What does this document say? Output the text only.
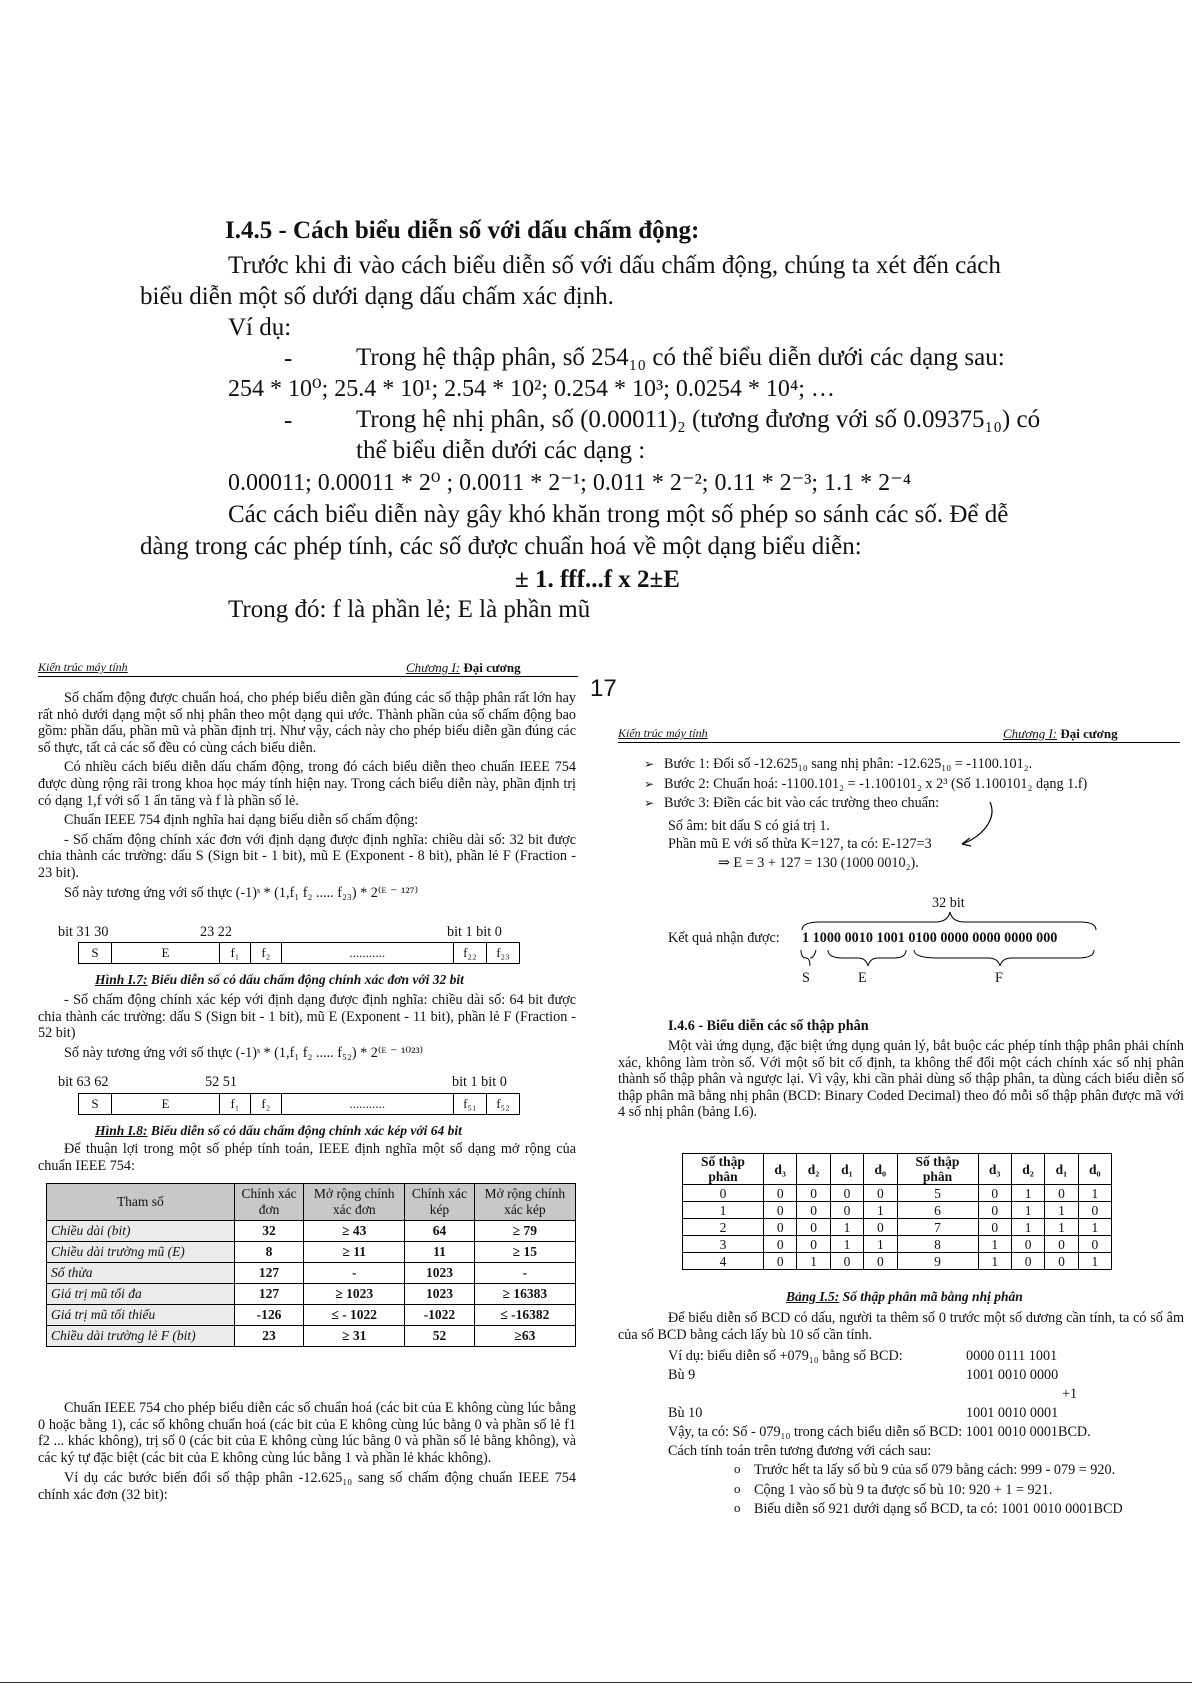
I.4.5 - Cách biểu diễn số với dấu chấm động:
Trước khi đi vào cách biểu diễn số với dấu chấm động, chúng ta xét đến cách
biểu diễn một số dưới dạng dấu chấm xác định.
Ví dụ:
-	Trong hệ thập phân, số 254₁₀ có thể biểu diễn dưới các dạng sau:
254 * 10⁰; 25.4 * 10¹; 2.54 * 10²; 0.254 * 10³; 0.0254 * 10⁴; …
-	Trong hệ nhị phân, số (0.00011)₂ (tương đương với số 0.09375₁₀) có
thể biểu diễn dưới các dạng :
0.00011; 0.00011 * 2⁰ ; 0.0011 * 2⁻¹; 0.011 * 2⁻²; 0.11 * 2⁻³; 1.1 * 2⁻⁴
Các cách biểu diễn này gây khó khăn trong một số phép so sánh các số. Để dễ
dàng trong các phép tính, các số được chuẩn hoá về một dạng biểu diễn:
± 1. fff...f x 2±E
Trong đó: f là phần lẻ; E là phần mũ
Kiến trúc máy tính	Chương I: Đại cương
17

Số chấm động được chuẩn hoá, cho phép biểu diễn gần đúng các số thập phân rất lớn hay rất nhỏ dưới dạng một số nhị phân theo một dạng qui ước. Thành phần của số chấm động bao gồm: phần dấu, phần mũ và phần định trị. Như vậy, cách này cho phép biểu diễn gần đúng các số thực, tất cả các số đều có cùng cách biểu diễn.

Có nhiều cách biểu diễn dấu chấm động, trong đó cách biểu diễn theo chuẩn IEEE 754 được dùng rộng rãi trong khoa học máy tính hiện nay. Trong cách biểu diễn này, phần định trị có dạng 1,f với số 1 ẩn tăng và f là phần số lẻ.

Chuẩn IEEE 754 định nghĩa hai dạng biểu diễn số chấm động:

- Số chấm động chính xác đơn với định dạng được định nghĩa: chiều dài số: 32 bit được chia thành các trường: dấu S (Sign bit - 1 bit), mũ E (Exponent - 8 bit), phần lẻ F (Fraction - 23 bit).

Số này tương ứng với số thực (-1)ˢ * (1,f₁ f₂ ..... f₂₃) * 2⁽ᴱ ⁻ ¹²⁷⁾

bit 31 30	23 22	bit 1 bit 0
S	E	f₁	f₂	...........	f₂₂	f₂₃
Hình I.7: Biểu diễn số có dấu chấm động chính xác đơn với 32 bit

- Số chấm động chính xác kép với định dạng được định nghĩa: chiều dài số: 64 bit được chia thành các trường: dấu S (Sign bit - 1 bit), mũ E (Exponent - 11 bit), phần lẻ F (Fraction - 52 bit)

Số này tương ứng với số thực (-1)ˢ * (1,f₁ f₂ ..... f₅₂) * 2⁽ᴱ ⁻ ¹⁰²³⁾

bit 63 62	52 51	bit 1 bit 0
S	E	f₁	f₂	...........	f₅₁	f₅₂
Hình I.8: Biểu diễn số có dấu chấm động chính xác kép với 64 bit

Để thuận lợi trong một số phép tính toán, IEEE định nghĩa một số dạng mở rộng của chuẩn IEEE 754:

Tham số	Chính xác đơn	Mở rộng chính xác đơn	Chính xác kép	Mở rộng chính xác kép
Chiều dài (bit)	32	≥ 43	64	≥ 79
Chiều dài trường mũ (E)	8	≥ 11	11	≥ 15
Số thừa	127	-	1023	-
Giá trị mũ tối đa	127	≥ 1023	1023	≥ 16383
Giá trị mũ tối thiểu	-126	≤ - 1022	-1022	≤ -16382
Chiều dài trường lẻ F (bit)	23	≥ 31	52	≥63

Chuẩn IEEE 754 cho phép biểu diễn các số chuẩn hoá (các bit của E không cùng lúc bằng 0 hoặc bằng 1), các số không chuẩn hoá (các bit của E không cùng lúc bằng 0 và phần số lẻ f1 f2 ... khác không), trị số 0 (các bit của E không cùng lúc bằng 0 và phần số lẻ bằng không), và các ký tự đặc biệt (các bit của E không cùng lúc bằng 1 và phần lẻ khác không).

Ví dụ các bước biến đổi số thập phân -12.625₁₀ sang số chấm động chuẩn IEEE 754 chính xác đơn (32 bit):

Kiến trúc máy tính	Chương I: Đại cương

➢ Bước 1: Đổi số -12.625₁₀ sang nhị phân: -12.625₁₀ = -1100.101₂.

➢ Bước 2: Chuẩn hoá: -1100.101₂ = -1.100101₂ x 2³ (Số 1.100101₂ dạng 1.f)

➢ Bước 3: Điền các bit vào các trường theo chuẩn:

Số âm: bit dấu S có giá trị 1.
Phần mũ E với số thừa K=127, ta có: E-127=3
⇒ E = 3 + 127 = 130 (1000 0010₂).
32 bit
Kết quả nhận được: 1 1000 0010 1001 0100 0000 0000 0000 000
S	E	F
I.4.6 - Biểu diễn các số thập phân

Một vài ứng dụng, đặc biệt ứng dụng quản lý, bắt buộc các phép tính thập phân phải chính xác, không làm tròn số. Với một số bit cố định, ta không thể đổi một cách chính xác số nhị phân thành số thập phân và ngược lại. Vì vậy, khi cần phải dùng số thập phân, ta dùng cách biểu diễn số thập phân mã bằng nhị phân (BCD: Binary Coded Decimal) theo đó mỗi số thập phân được mã với 4 số nhị phân (bảng I.6).

Số thập phân	d₃	d₂	d₁	d₀	Số thập phân	d₃	d₂	d₁	d₀
0	0	0	0	0	5	0	1	0	1
1	0	0	0	1	6	0	1	1	0
2	0	0	1	0	7	0	1	1	1
3	0	0	1	1	8	1	0	0	0
4	0	1	0	0	9	1	0	0	1
Bảng I.5: Số thập phân mã bằng nhị phân

Để biểu diễn số BCD có dấu, người ta thêm số 0 trước một số dương cần tính, ta có số âm của số BCD bằng cách lấy bù 10 số cần tính.

Ví dụ: biểu diễn số +079₁₀ bằng số BCD:	0000 0111 1001
Bù 9	1001 0010 0000
+1
Bù 10	1001 0010 0001
Vậy, ta có: Số - 079₁₀ trong cách biểu diễn số BCD: 1001 0010 0001BCD.
Cách tính toán trên tương đương với cách sau:

o Trước hết ta lấy số bù 9 của số 079 bằng cách: 999 - 079 = 920.

o Cộng 1 vào số bù 9 ta được số bù 10: 920 + 1 = 921.

o Biểu diễn số 921 dưới dạng số BCD, ta có: 1001 0010 0001BCD
